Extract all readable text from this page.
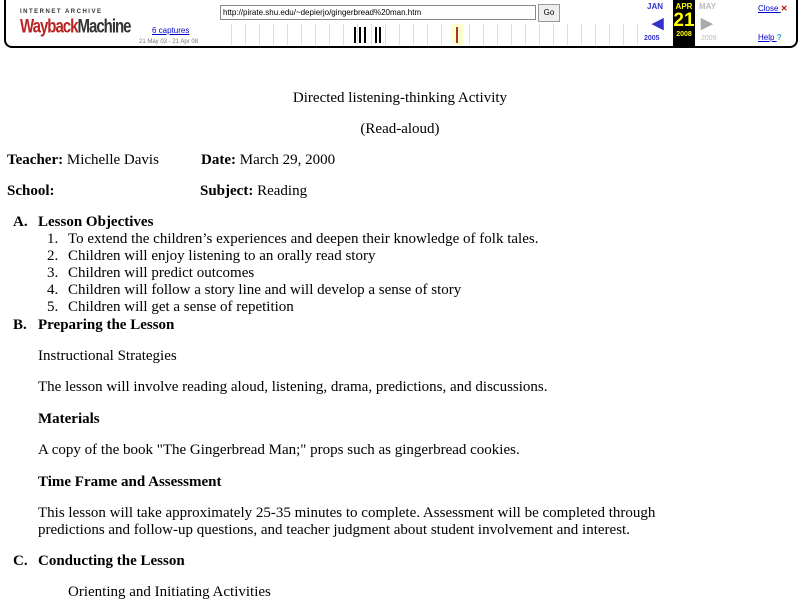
INTERNET ARCHIVE
WaybackMachine
http://pirate.shu.edu/~depierjo/gingerbread%20man.htm	Go
6 captures
21 May 03 - 21 Apr 08
JAN	APR
21
2008
MAY
◀ ▶
2005	2009
Close ✕
Help ?
Directed listening-thinking Activity
(Read-aloud)
Teacher: Michelle Davis	Date: March 29, 2000
School:	Subject: Reading
A. Lesson Objectives
1. To extend the children’s experiences and deepen their knowledge of folk tales.
2. Children will enjoy listening to an orally read story
3. Children will predict outcomes
4. Children will follow a story line and will develop a sense of story
5. Children will get a sense of repetition
B. Preparing the Lesson
Instructional Strategies
The lesson will involve reading aloud, listening, drama, predictions, and discussions.
Materials
A copy of the book "The Gingerbread Man;" props such as gingerbread cookies.
Time Frame and Assessment
This lesson will take approximately 25-35 minutes to complete. Assessment will be completed through
predictions and follow-up questions, and teacher judgment about student involvement and interest.
C. Conducting the Lesson
Orienting and Initiating Activities
